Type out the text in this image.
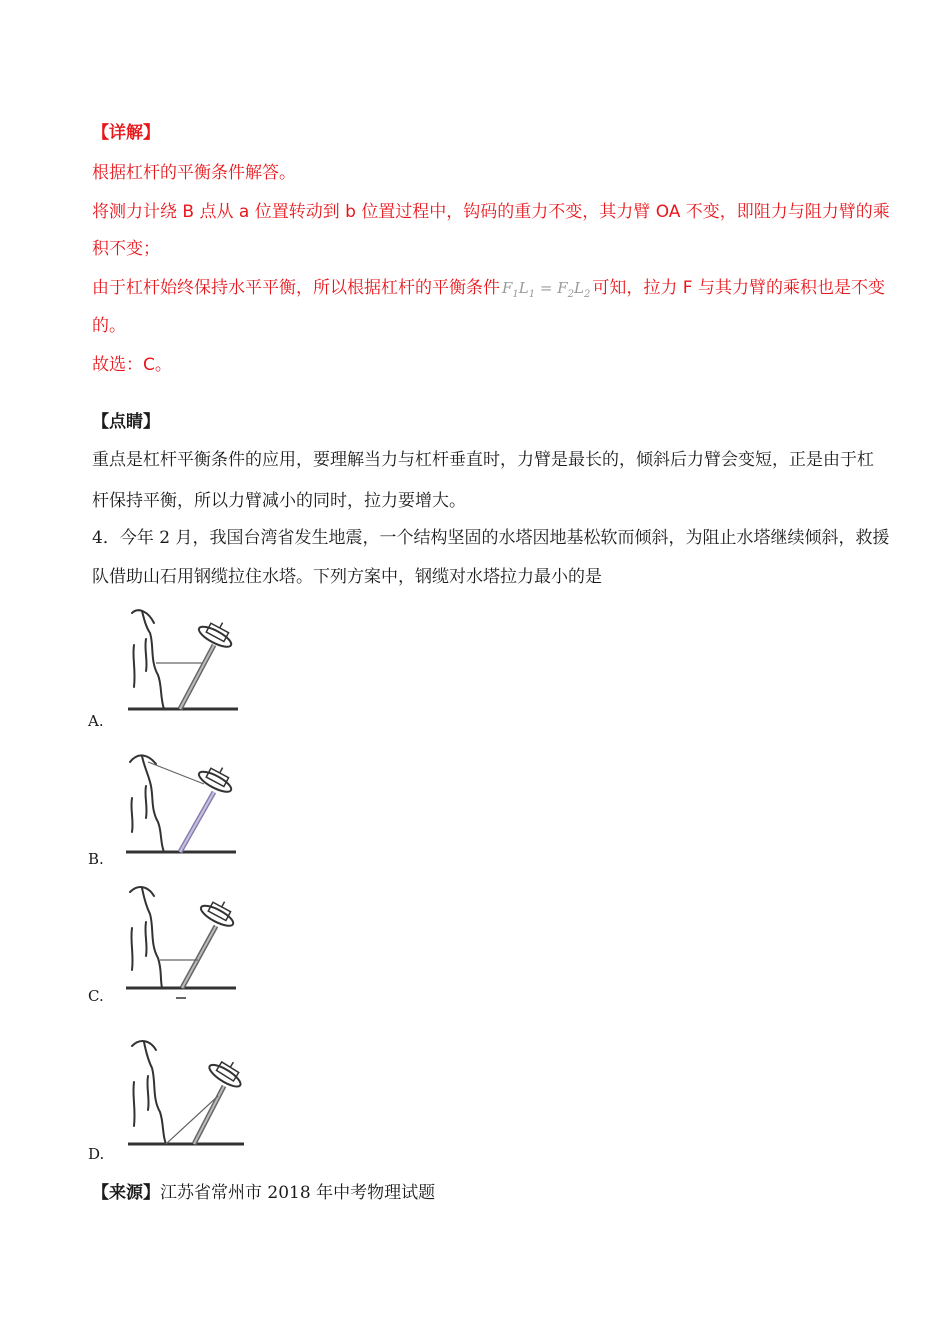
【详解】
根据杠杆的平衡条件解答。
将测力计绕 B 点从 a 位置转动到 b 位置过程中，钩码的重力不变，其力臂 OA 不变，即阻力与阻力臂的乘
积不变；
由于杠杆始终保持水平平衡，所以根据杠杆的平衡条件 $F_1L_1 = F_2L_2$ 可知，拉力 F 与其力臂的乘积也是不变
的。
故选：C。
【点睛】
重点是杠杆平衡条件的应用，要理解当力与杠杆垂直时，力臂是最长的，倾斜后力臂会变短，正是由于杠
杆保持平衡，所以力臂减小的同时，拉力要增大。
4．今年 2 月，我国台湾省发生地震，一个结构坚固的水塔因地基松软而倾斜，为阻止水塔继续倾斜，救援
队借助山石用钢缆拉住水塔。下列方案中，钢缆对水塔拉力最小的是
A.
B.
C.
D.
【来源】江苏省常州市 2018 年中考物理试题
